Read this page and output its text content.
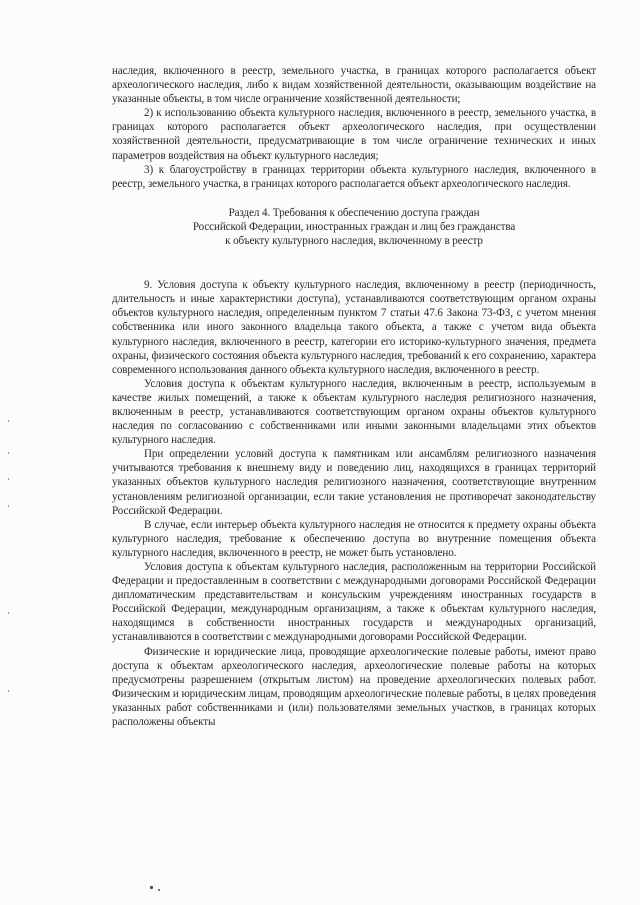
наследия, включенного в реестр, земельного участка, в границах которого располагается объект археологического наследия, либо к видам хозяйственной деятельности, оказывающим воздействие на указанные объекты, в том числе ограничение хозяйственной деятельности;

2) к использованию объекта культурного наследия, включенного в реестр, земельного участка, в границах которого располагается объект археологического наследия, при осуществлении хозяйственной деятельности, предусматривающие в том числе ограничение технических и иных параметров воздействия на объект культурного наследия;

3) к благоустройству в границах территории объекта культурного наследия, включенного в реестр, земельного участка, в границах которого располагается объект археологического наследия.

Раздел 4. Требования к обеспечению доступа граждан
Российской Федерации, иностранных граждан и лиц без гражданства
к объекту культурного наследия, включенному в реестр

9. Условия доступа к объекту культурного наследия, включенному в реестр (периодичность, длительность и иные характеристики доступа), устанавливаются соответствующим органом охраны объектов культурного наследия, определенным пунктом 7 статьи 47.6 Закона 73-ФЗ, с учетом мнения собственника или иного законного владельца такого объекта, а также с учетом вида объекта культурного наследия, включенного в реестр, категории его историко-культурного значения, предмета охраны, физического состояния объекта культурного наследия, требований к его сохранению, характера современного использования данного объекта культурного наследия, включенного в реестр.

Условия доступа к объектам культурного наследия, включенным в реестр, используемым в качестве жилых помещений, а также к объектам культурного наследия религиозного назначения, включенным в реестр, устанавливаются соответствующим органом охраны объектов культурного наследия по согласованию с собственниками или иными законными владельцами этих объектов культурного наследия.

При определении условий доступа к памятникам или ансамблям религиозного назначения учитываются требования к внешнему виду и поведению лиц, находящихся в границах территорий указанных объектов культурного наследия религиозного назначения, соответствующие внутренним установлениям религиозной организации, если такие установления не противоречат законодательству Российской Федерации.

В случае, если интерьер объекта культурного наследия не относится к предмету охраны объекта культурного наследия, требование к обеспечению доступа во внутренние помещения объекта культурного наследия, включенного в реестр, не может быть установлено.

Условия доступа к объектам культурного наследия, расположенным на территории Российской Федерации и предоставленным в соответствии с международными договорами Российской Федерации дипломатическим представительствам и консульским учреждениям иностранных государств в Российской Федерации, международным организациям, а также к объектам культурного наследия, находящимся в собственности иностранных государств и международных организаций, устанавливаются в соответствии с международными договорами Российской Федерации.

Физические и юридические лица, проводящие археологические полевые работы, имеют право доступа к объектам археологического наследия, археологические полевые работы на которых предусмотрены разрешением (открытым листом) на проведение археологических полевых работ. Физическим и юридическим лицам, проводящим археологические полевые работы, в целях проведения указанных работ собственниками и (или) пользователями земельных участков, в границах которых расположены объекты
